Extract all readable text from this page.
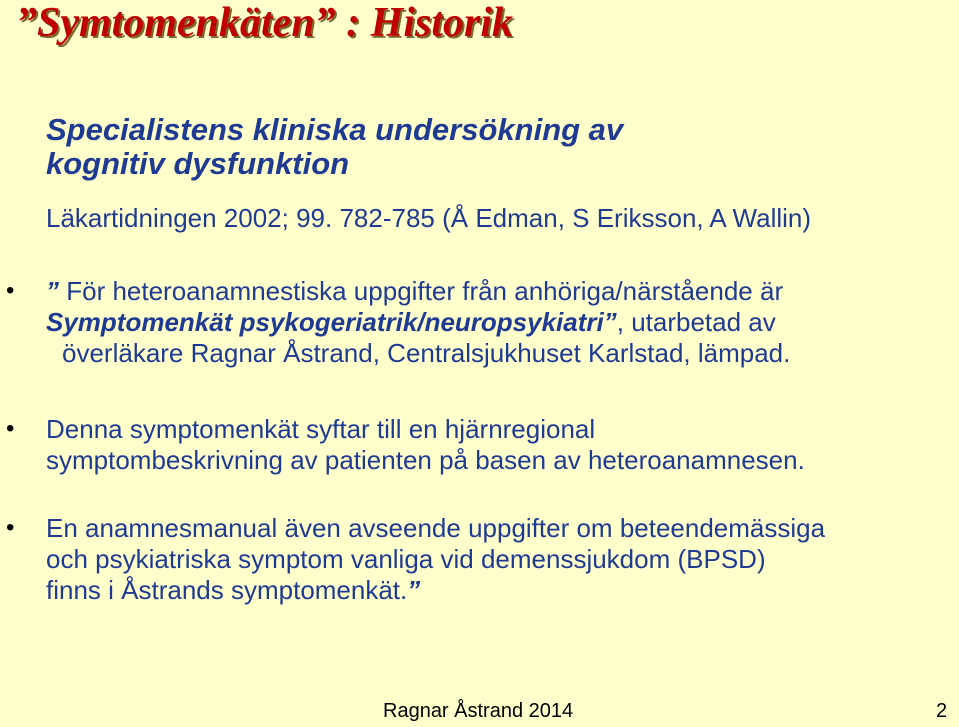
”Symtomenkäten” : Historik
Specialistens kliniska undersökning av
kognitiv dysfunktion

Läkartidningen 2002; 99. 782-785 (Å Edman, S Eriksson, A Wallin)

• ” För heteroanamnestiska uppgifter från anhöriga/närstående är
Symptomenkät psykogeriatrik/neuropsykiatri”, utarbetad av
överläkare Ragnar Åstrand, Centralsjukhuset Karlstad, lämpad.
• Denna symptomenkät syftar till en hjärnregional
symptombeskrivning av patienten på basen av heteroanamnesen.
• En anamnesmanual även avseende uppgifter om beteendemässiga
och psykiatriska symptom vanliga vid demenssjukdom (BPSD)
finns i Åstrands symptomenkät.”
Ragnar Åstrand 2014	2
